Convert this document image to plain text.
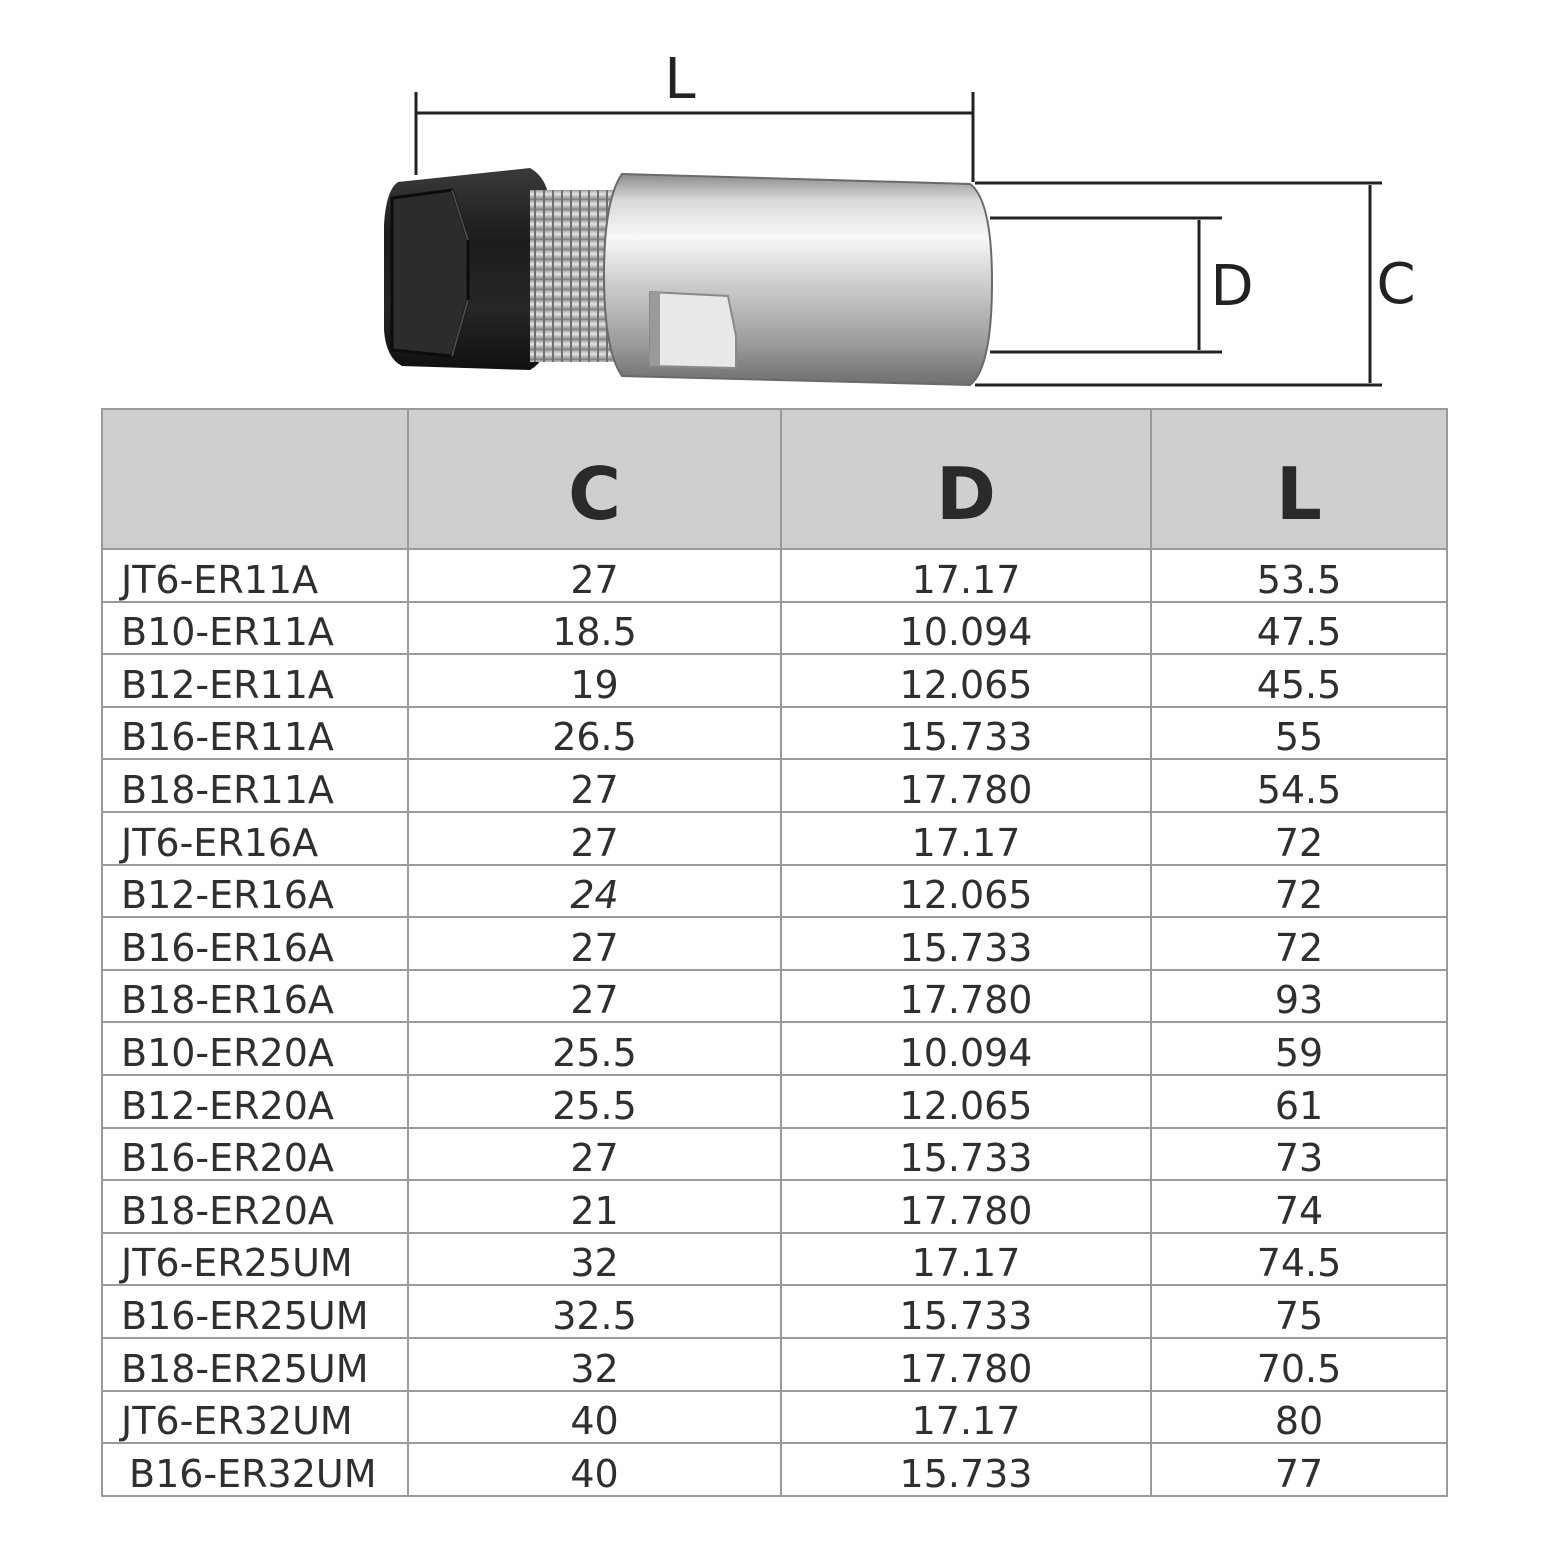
L
D C
	C	D	L
JT6-ER11A	27	17.17	53.5
B10-ER11A	18.5	10.094	47.5
B12-ER11A	19	12.065	45.5
B16-ER11A	26.5	15.733	55
B18-ER11A	27	17.780	54.5
JT6-ER16A	27	17.17	72
B12-ER16A	24	12.065	72
B16-ER16A	27	15.733	72
B18-ER16A	27	17.780	93
B10-ER20A	25.5	10.094	59
B12-ER20A	25.5	12.065	61
B16-ER20A	27	15.733	73
B18-ER20A	21	17.780	74
JT6-ER25UM	32	17.17	74.5
B16-ER25UM	32.5	15.733	75
B18-ER25UM	32	17.780	70.5
JT6-ER32UM	40	17.17	80
B16-ER32UM	40	15.733	77
